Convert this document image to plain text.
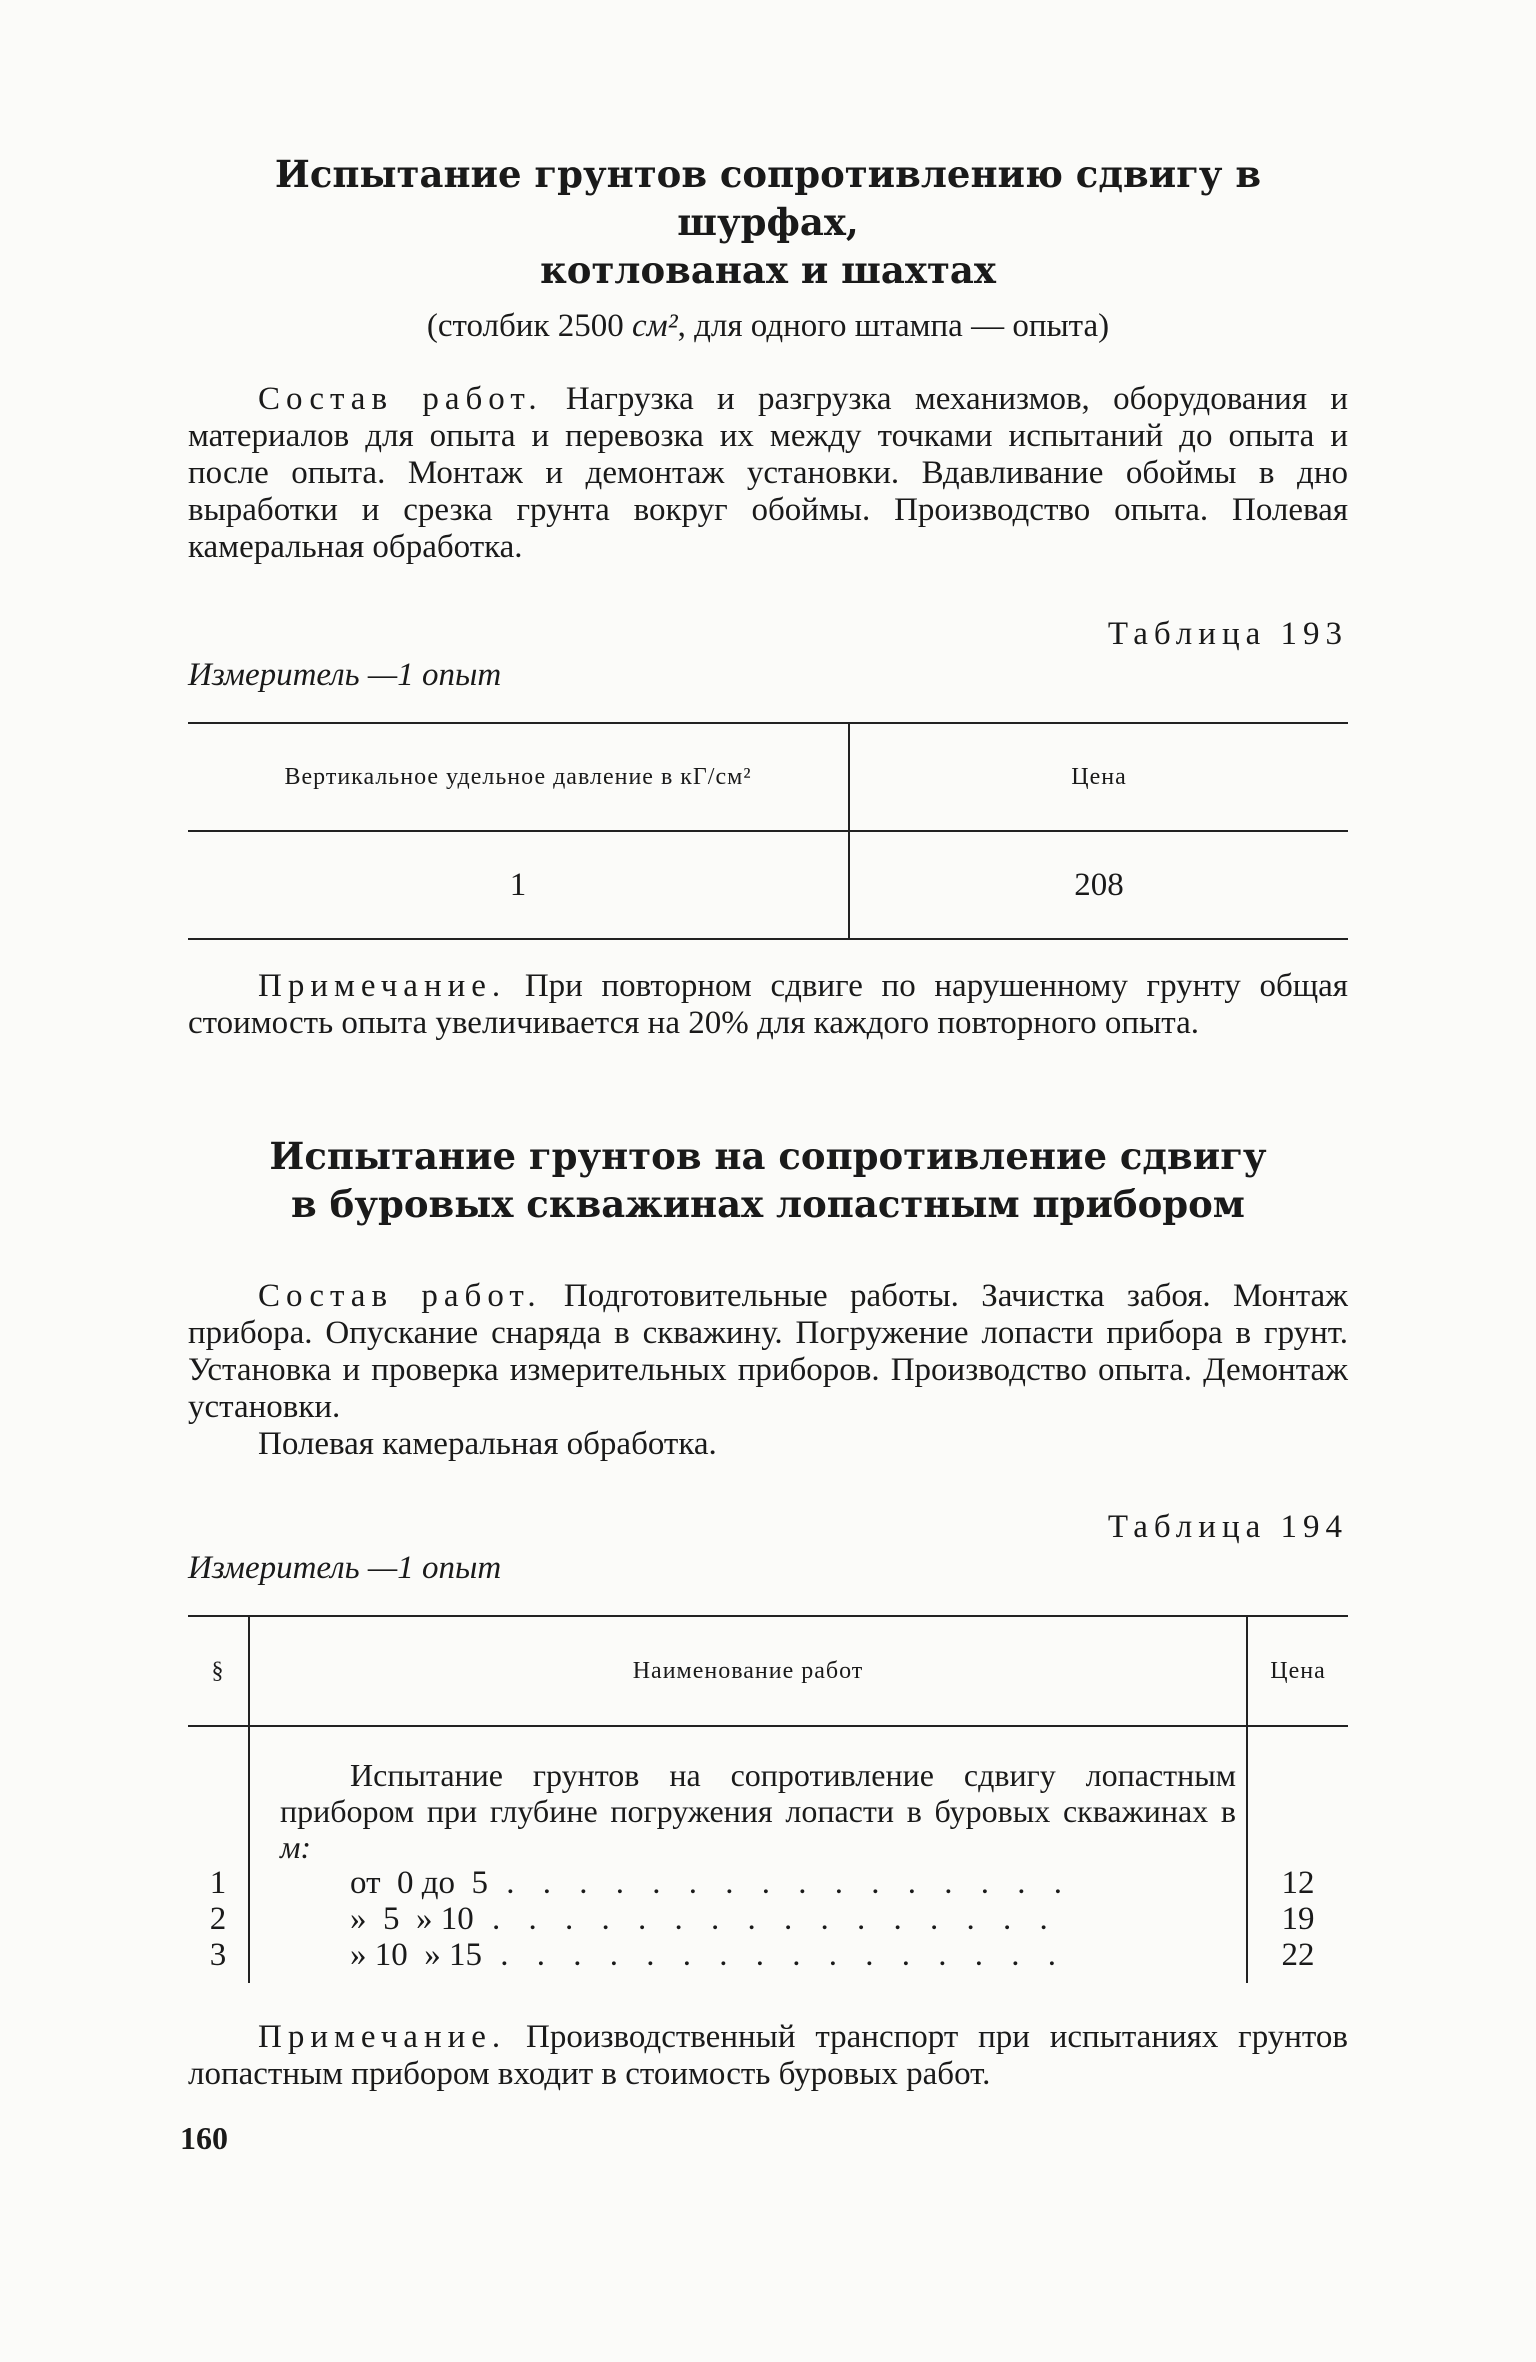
Испытание грунтов сопротивлению сдвигу в шурфах,

котлованах и шахтах

(столбик 2500 см², для одного штампа — опыта)

Состав работ. Нагрузка и разгрузка механизмов, оборудования и материалов для опыта и перевозка их между точками испытаний до опыта и после опыта. Монтаж и демонтаж установки. Вдавливание обоймы в дно выработки и срезка грунта вокруг обоймы. Производство опыта. Полевая камеральная обработка.

Таблица 193
Измеритель —1 опыт
Вертикальное удельное давление в кГ/см²	Цена
1	208

Примечание. При повторном сдвиге по нарушенному грунту общая стоимость опыта увеличивается на 20% для каждого повторного опыта.

Испытание грунтов на сопротивление сдвигу

в буровых скважинах лопастным прибором

Состав работ. Подготовительные работы. Зачистка забоя. Монтаж прибора. Опускание снаряда в скважину. Погружение лопасти прибора в грунт. Установка и проверка измерительных приборов. Производство опыта. Демонтаж установки.

Полевая камеральная обработка.

Таблица 194
Измеритель —1 опыт
§	Наименование работ	Цена

	Испытание грунтов на сопротивление сдвигу лопастным прибором при глубине погружения лопасти в буровых скважинах в м:	

1	от  0 до  5 . . . . . . . . . . . . . . . .	12
2	»  5  » 10 . . . . . . . . . . . . . . . .	19
3	» 10  » 15 . . . . . . . . . . . . . . . .	22

Примечание. Производственный транспорт при испытаниях грунтов лопастным прибором входит в стоимость буровых работ.

160
